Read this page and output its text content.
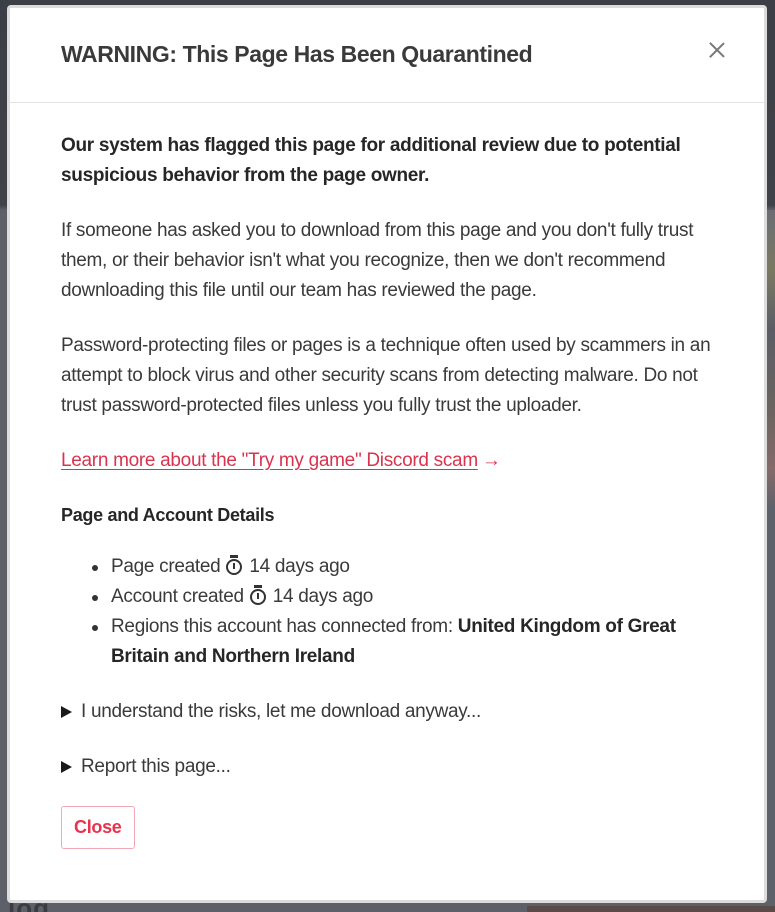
WARNING: This Page Has Been Quarantined

Our system has flagged this page for additional review due to potential suspicious behavior from the page owner.

If someone has asked you to download from this page and you don't fully trust them, or their behavior isn't what you recognize, then we don't recommend downloading this file until our team has reviewed the page.

Password-protecting files or pages is a technique often used by scammers in an attempt to block virus and other security scans from detecting malware. Do not trust password-protected files unless you fully trust the uploader.

Learn more about the "Try my game" Discord scam →

Page and Account Details
Page created 14 days ago
Account created 14 days ago
Regions this account has connected from: United Kingdom of Great Britain and Northern Ireland
I understand the risks, let me download anyway...
Report this page...
Close
